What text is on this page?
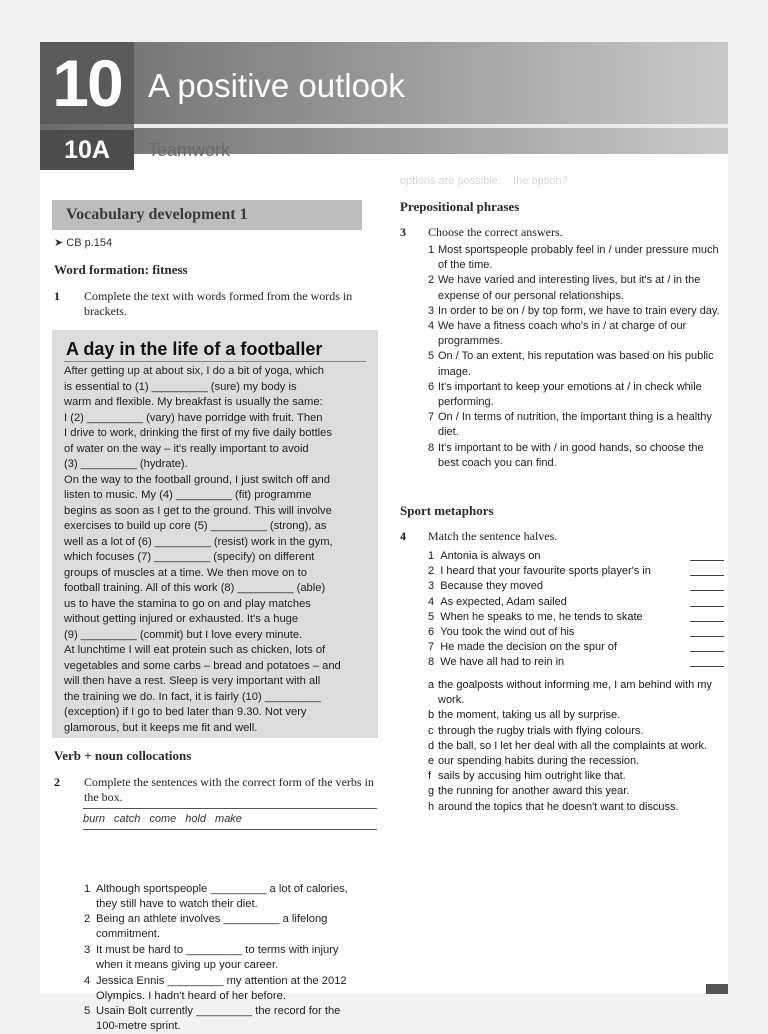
10 A positive outlook
10A	Teamwork
options are possible.    the option?
Vocabulary development 1
➤ CB p.154
Word formation: fitness
1 Complete the text with words formed from the words in brackets.
A day in the life of a footballer
After getting up at about six, I do a bit of yoga, which
is essential to (1) _________ (sure) my body is
warm and flexible. My breakfast is usually the same:
I (2) _________ (vary) have porridge with fruit. Then
I drive to work, drinking the first of my five daily bottles
of water on the way – it's really important to avoid
(3) _________ (hydrate).
On the way to the football ground, I just switch off and
listen to music. My (4) _________ (fit) programme
begins as soon as I get to the ground. This will involve
exercises to build up core (5) _________ (strong), as
well as a lot of (6) _________ (resist) work in the gym,
which focuses (7) _________ (specify) on different
groups of muscles at a time. We then move on to
football training. All of this work (8) _________ (able)
us to have the stamina to go on and play matches
without getting injured or exhausted. It's a huge
(9) _________ (commit) but I love every minute.
At lunchtime I will eat protein such as chicken, lots of
vegetables and some carbs – bread and potatoes – and
will then have a rest. Sleep is very important with all
the training we do. In fact, it is fairly (10) _________
(exception) if I go to bed later than 9.30. Not very
glamorous, but it keeps me fit and well.
Verb + noun collocations
2 Complete the sentences with the correct form of the verbs in the box.
burn catch come hold make
1 Although sportspeople _________ a lot of calories,
they still have to watch their diet.
2 Being an athlete involves _________ a lifelong
commitment.
3 It must be hard to _________ to terms with injury
when it means giving up your career.
4 Jessica Ennis _________ my attention at the 2012
Olympics. I hadn't heard of her before.
5 Usain Bolt currently _________ the record for the
100-metre sprint.
Prepositional phrases
3 Choose the correct answers.
1 Most sportspeople probably feel in / under pressure much of the time.
2 We have varied and interesting lives, but it's at / in the expense of our personal relationships.
3 In order to be on / by top form, we have to train every day.
4 We have a fitness coach who's in / at charge of our programmes.
5 On / To an extent, his reputation was based on his public image.
6 It's important to keep your emotions at / in check while performing.
7 On / In terms of nutrition, the important thing is a healthy diet.
8 It's important to be with / in good hands, so choose the best coach you can find.
Sport metaphors
4 Match the sentence halves.
1 Antonia is always on
2 I heard that your favourite sports player's in
3 Because they moved
4 As expected, Adam sailed
5 When he speaks to me, he tends to skate
6 You took the wind out of his
7 He made the decision on the spur of
8 We have all had to rein in
a the goalposts without informing me, I am behind with my work.
b the moment, taking us all by surprise.
c through the rugby trials with flying colours.
d the ball, so I let her deal with all the complaints at work.
e our spending habits during the recession.
f sails by accusing him outright like that.
g the running for another award this year.
h around the topics that he doesn't want to discuss.
